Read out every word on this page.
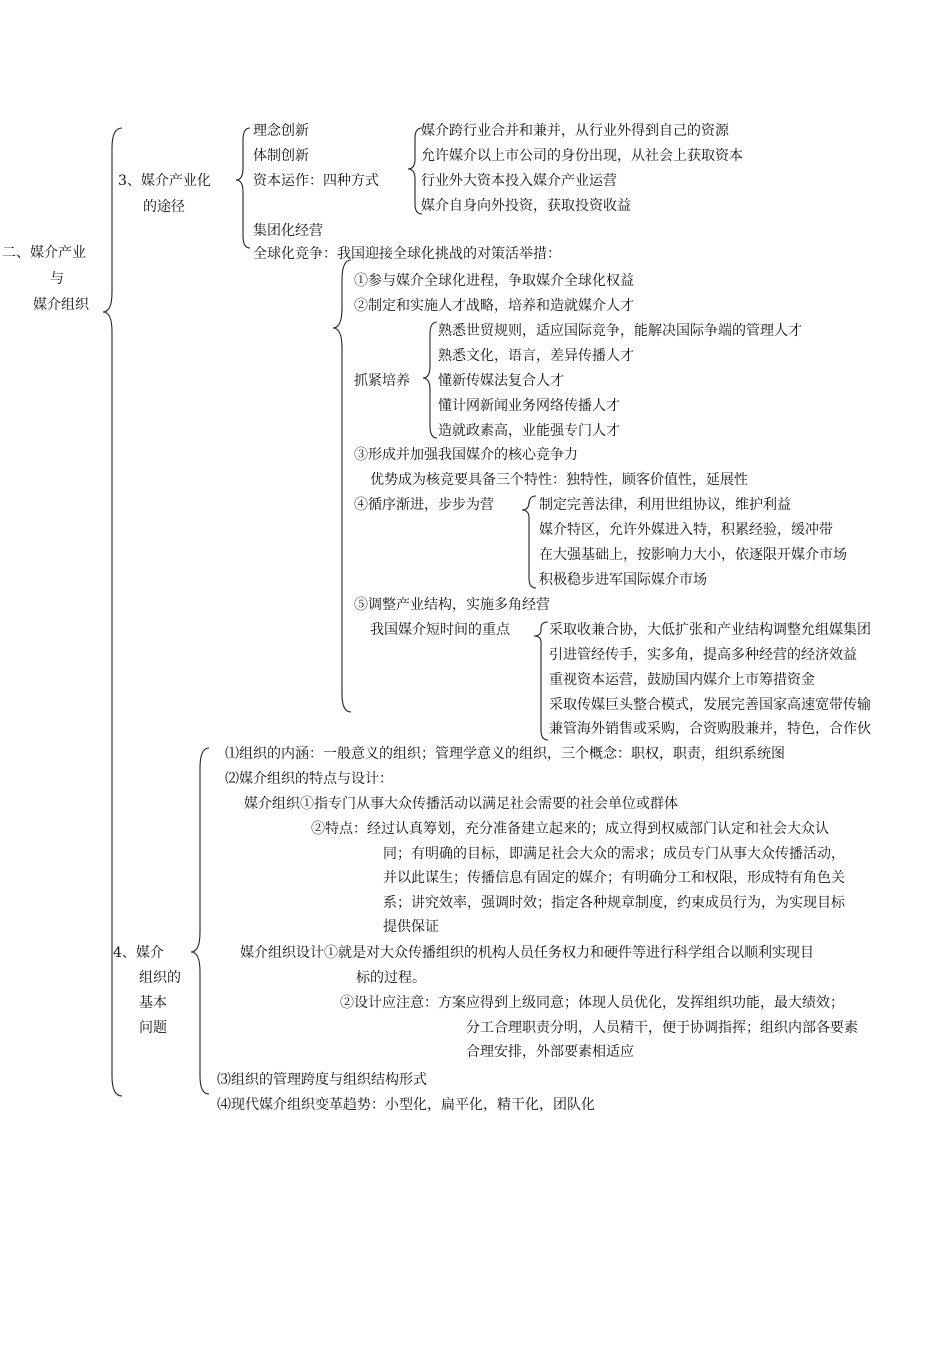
二、媒介产业
与
媒介组织
3、媒介产业化
的途径
理念创新
体制创新
资本运作：四种方式
媒介跨行业合并和兼并，从行业外得到自己的资源
允许媒介以上市公司的身份出现，从社会上获取资本
行业外大资本投入媒介产业运营
媒介自身向外投资，获取投资收益
集团化经营
全球化竞争：我国迎接全球化挑战的对策活举措：
①参与媒介全球化进程，争取媒介全球化权益
②制定和实施人才战略，培养和造就媒介人才
抓紧培养
熟悉世贸规则，适应国际竞争，能解决国际争端的管理人才
熟悉文化，语言，差异传播人才
懂新传媒法复合人才
懂计网新闻业务网络传播人才
造就政素高，业能强专门人才
③形成并加强我国媒介的核心竞争力
优势成为核竞要具备三个特性：独特性，顾客价值性，延展性
④循序渐进，步步为营	制定完善法律，利用世组协议，维护利益
媒介特区，允许外媒进入特，积累经验，缓冲带
在大强基础上，按影响力大小，依逐限开媒介市场
积极稳步进军国际媒介市场
⑤调整产业结构，实施多角经营
我国媒介短时间的重点	采取收兼合协，大低扩张和产业结构调整允组媒集团
引进管经传手，实多角，提高多种经营的经济效益
重视资本运营，鼓励国内媒介上市筹措资金
采取传媒巨头整合模式，发展完善国家高速宽带传输
兼管海外销售或采购，合资购股兼并，特色，合作伙
4、媒介
组织的
基本
问题
⑴组织的内涵：一般意义的组织；管理学意义的组织，三个概念：职权，职责，组织系统图
⑵媒介组织的特点与设计：
媒介组织①指专门从事大众传播活动以满足社会需要的社会单位或群体
②特点：经过认真筹划，充分准备建立起来的；成立得到权威部门认定和社会大众认
同；有明确的目标，即满足社会大众的需求；成员专门从事大众传播活动，
并以此谋生；传播信息有固定的媒介；有明确分工和权限，形成特有角色关
系；讲究效率，强调时效；指定各种规章制度，约束成员行为，为实现目标
提供保证
媒介组织设计①就是对大众传播组织的机构人员任务权力和硬件等进行科学组合以顺利实现目
标的过程。
②设计应注意：方案应得到上级同意；体现人员优化，发挥组织功能，最大绩效；
分工合理职责分明，人员精干，便于协调指挥；组织内部各要素
合理安排，外部要素相适应
⑶组织的管理跨度与组织结构形式
⑷现代媒介组织变革趋势：小型化，扁平化，精干化，团队化
